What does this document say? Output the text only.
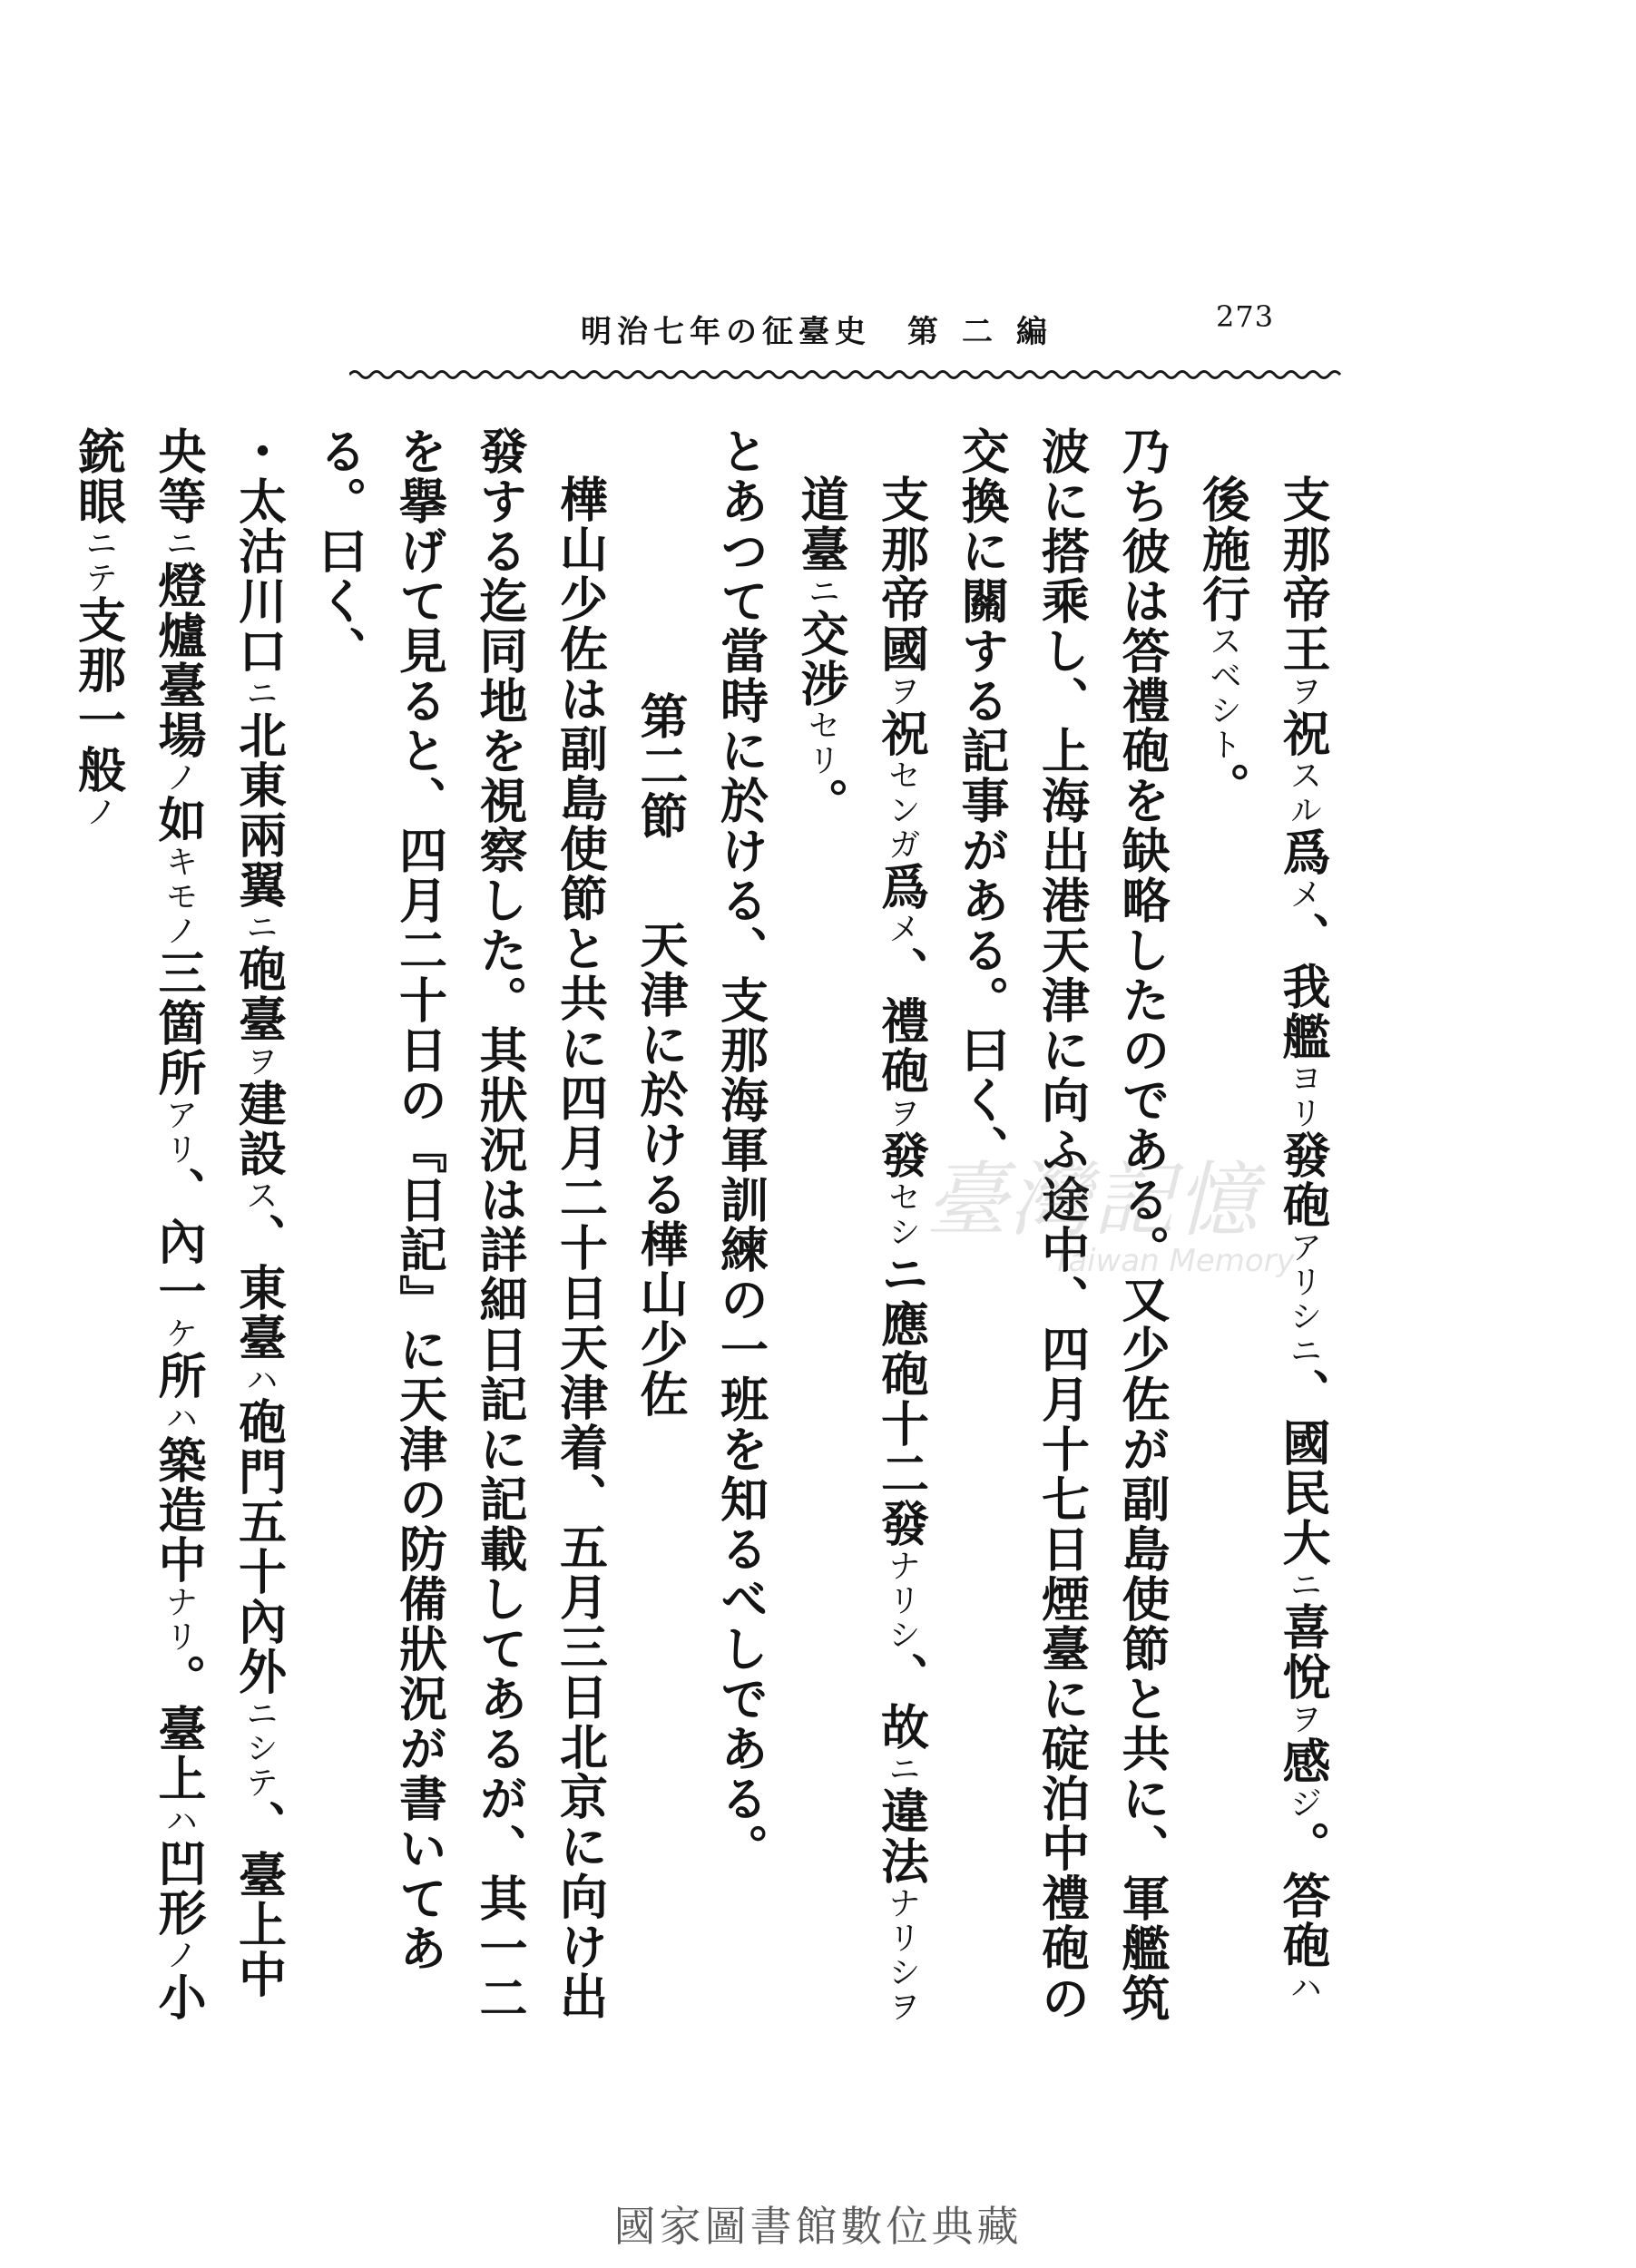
273
明治七年の征臺史 第二編

支那帝王ヲ祝スル爲メ、我艦ヨリ發砲アリシニ、國民大ニ喜悅ヲ感ジ。答砲ハ後施行スベシト。

乃ち彼は答禮砲を缺略したのである。又少佐が副島使節と共に、軍艦筑波に搭乘し、上海出港天津に向ふ途中、四月十七日煙臺に碇泊中禮砲の交換に關する記事がある。曰く、

支那帝國ヲ祝センガ爲メ、禮砲ヲ發セシニ應砲十二發ナリシ、故ニ違法ナリシヲ道臺ニ交涉セリ。

とあつて當時に於ける、支那海軍訓練の一班を知るべしである。

第二節　天津に於ける樺山少佐

樺山少佐は副島使節と共に四月二十日天津着、五月三日北京に向け出發する迄同地を視察した。其狀況は詳細日記に記載してあるが、其一二を擧げて見ると、四月二十日の『日記』に天津の防備狀況が書いてある。曰く、

・太沽川口ニ北東兩翼ニ砲臺ヲ建設ス、東臺ハ砲門五十內外ニシテ、臺上中央等ニ燈爐臺場ノ如キモノ三箇所アリ、內一ケ所ハ築造中ナリ。臺上ハ凹形ノ小銃眼ニテ支那一般ノ

臺灣記憶
Taiwan Memory
國家圖書館數位典藏
